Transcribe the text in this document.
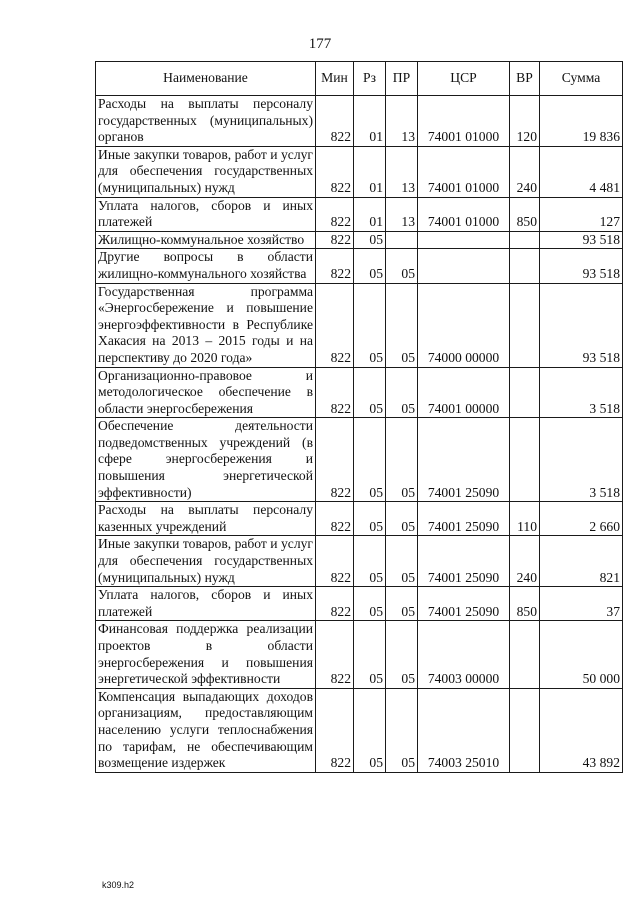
177
Наименование	Мин	Рз	ПР	ЦСР	ВР	Сумма
Расходы на выплаты персоналу государственных (муниципальных) органов	822	01	13	74001 01000	120	19 836
Иные закупки товаров, работ и услуг для обеспечения государственных (муниципальных) нужд	822	01	13	74001 01000	240	4 481
Уплата налогов, сборов и иных платежей	822	01	13	74001 01000	850	127
Жилищно-коммунальное хозяйство	822	05				93 518
Другие вопросы в области жилищно-коммунального хозяйства	822	05	05			93 518
Государственная программа «Энергосбережение и повышение энергоэффективности в Республике Хакасия на 2013 – 2015 годы и на перспективу до 2020 года»	822	05	05	74000 00000		93 518
Организационно-правовое и методологическое обеспечение в области энергосбережения	822	05	05	74001 00000		3 518
Обеспечение деятельности подведомственных учреждений (в сфере энергосбережения и повышения энергетической эффективности)	822	05	05	74001 25090		3 518
Расходы на выплаты персоналу казенных учреждений	822	05	05	74001 25090	110	2 660
Иные закупки товаров, работ и услуг для обеспечения государственных (муниципальных) нужд	822	05	05	74001 25090	240	821
Уплата налогов, сборов и иных платежей	822	05	05	74001 25090	850	37
Финансовая поддержка реализации проектов в области энергосбережения и повышения энергетической эффективности	822	05	05	74003 00000		50 000
Компенсация выпадающих доходов организациям, предоставляющим населению услуги теплоснабжения по тарифам, не обеспечивающим возмещение издержек	822	05	05	74003 25010		43 892
k309.h2
